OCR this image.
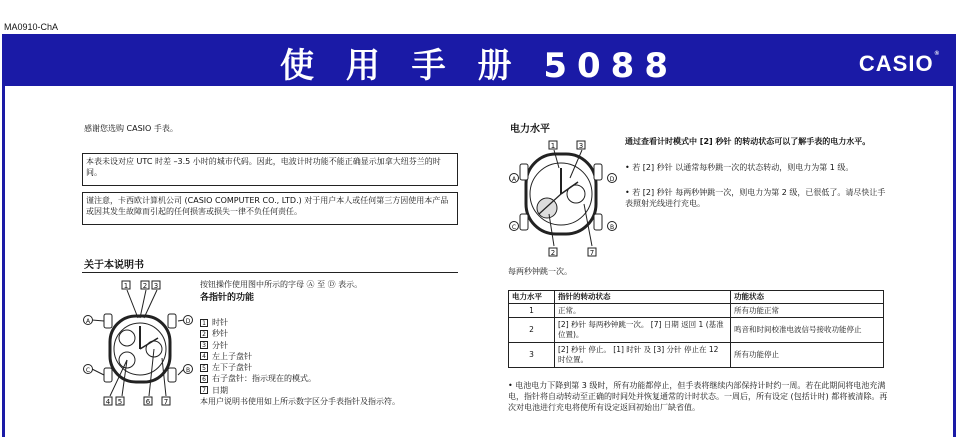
MA0910-ChA
使 用 手 册 5088	CASIO®
感谢您选购 CASIO 手表。
本表未设对应 UTC 时差 –3.5 小时的城市代码。因此，电波计时功能不能正确显示加拿大纽芬兰的时间。
谨注意，卡西欧计算机公司 (CASIO COMPUTER CO., LTD.) 对于用户本人或任何第三方因使用本产品或因其发生故障而引起的任何损害或损失一律不负任何责任。
关于本说明书
按钮操作使用图中所示的字母 Ⓐ 至 Ⓓ 表示。
各指针的功能
1 时针
2 秒针
3 分针
4 左上子盘针
5 左下子盘针
6 右子盘针：指示现在的模式。
7 日期
本用户说明书使用如上所示数字区分手表指针及指示符。
1 2 3
4 5	6 7
A	D
C	B
电力水平
1	3
2	7
A	D
C	B
每两秒钟跳一次。
通过查看计时模式中 [2] 秒针 的转动状态可以了解手表的电力水平。
• 若 [2] 秒针 以通常每秒跳一次的状态转动，则电力为第 1 级。
• 若 [2] 秒针 每两秒钟跳一次，则电力为第 2 级，已很低了。请尽快让手表照射光线进行充电。
电力水平	指针的转动状态	功能状态
1	正常。	所有功能正常
2	[2] 秒针 每两秒钟跳一次。 [7] 日期 返回 1 (基准位置)。	鸣音和时间校准电波信号接收功能停止
3	[2] 秒针 停止。 [1] 时针 及 [3] 分针 停止在 12 时位置。	所有功能停止
• 电池电力下降到第 3 级时，所有功能都停止，但手表将继续内部保持计时约一周。若在此期间将电池充满电，指针将自动转动至正确的时间处并恢复通常的计时状态。一周后，所有设定 (包括计时) 都将被清除。再次对电池进行充电将使所有设定返回初始出厂缺省值。
